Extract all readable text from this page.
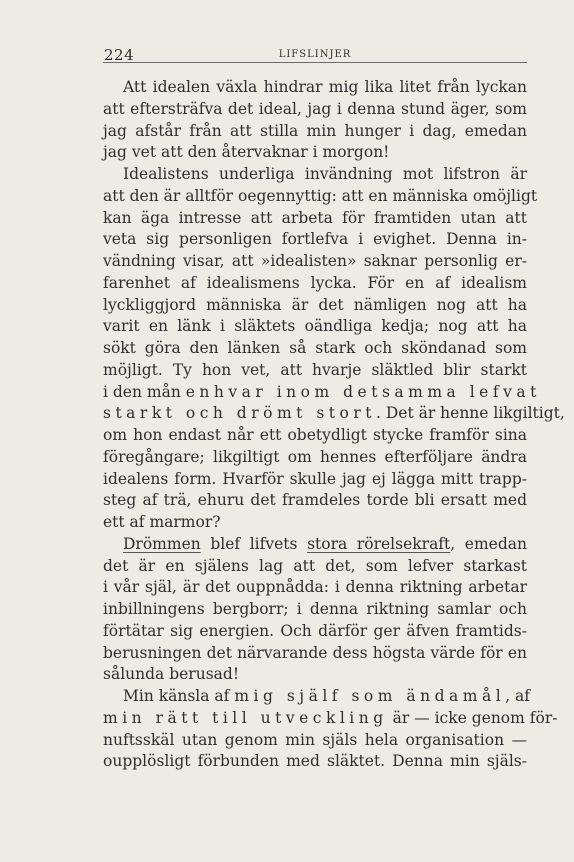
224	LIFSLINJER
Att idealen växla hindrar mig lika litet från lyckan
att eftersträfva det ideal, jag i denna stund äger, som
jag afstår från att stilla min hunger i dag, emedan
jag vet att den återvaknar i morgon!
Idealistens underliga invändning mot lifstron är
att den är alltför oegennyttig: att en människa omöjligt
kan äga intresse att arbeta för framtiden utan att
veta sig personligen fortlefva i evighet. Denna in-
vändning visar, att »idealisten» saknar personlig er-
farenhet af idealismens lycka. För en af idealism
lyckliggjord människa är det nämligen nog att ha
varit en länk i släktets oändliga kedja; nog att ha
sökt göra den länken så stark och sköndanad som
möjligt. Ty hon vet, att hvarje släktled blir starkt
i den mån enhvar inom detsamma lefvat
starkt och drömt stort. Det är henne likgiltigt,
om hon endast når ett obetydligt stycke framför sina
föregångare; likgiltigt om hennes efterföljare ändra
idealens form. Hvarför skulle jag ej lägga mitt trapp-
steg af trä, ehuru det framdeles torde bli ersatt med
ett af marmor?
Drömmen blef lifvets stora rörelsekraft, emedan
det är en själens lag att det, som lefver starkast
i vår själ, är det ouppnådda: i denna riktning arbetar
inbillningens bergborr; i denna riktning samlar och
förtätar sig energien. Och därför ger äfven framtids-
berusningen det närvarande dess högsta värde för en
sålunda berusad!
Min känsla af mig själf som ändamål, af
min rätt till utveckling är — icke genom för-
nuftsskäl utan genom min själs hela organisation —
oupplösligt förbunden med släktet. Denna min själs-
